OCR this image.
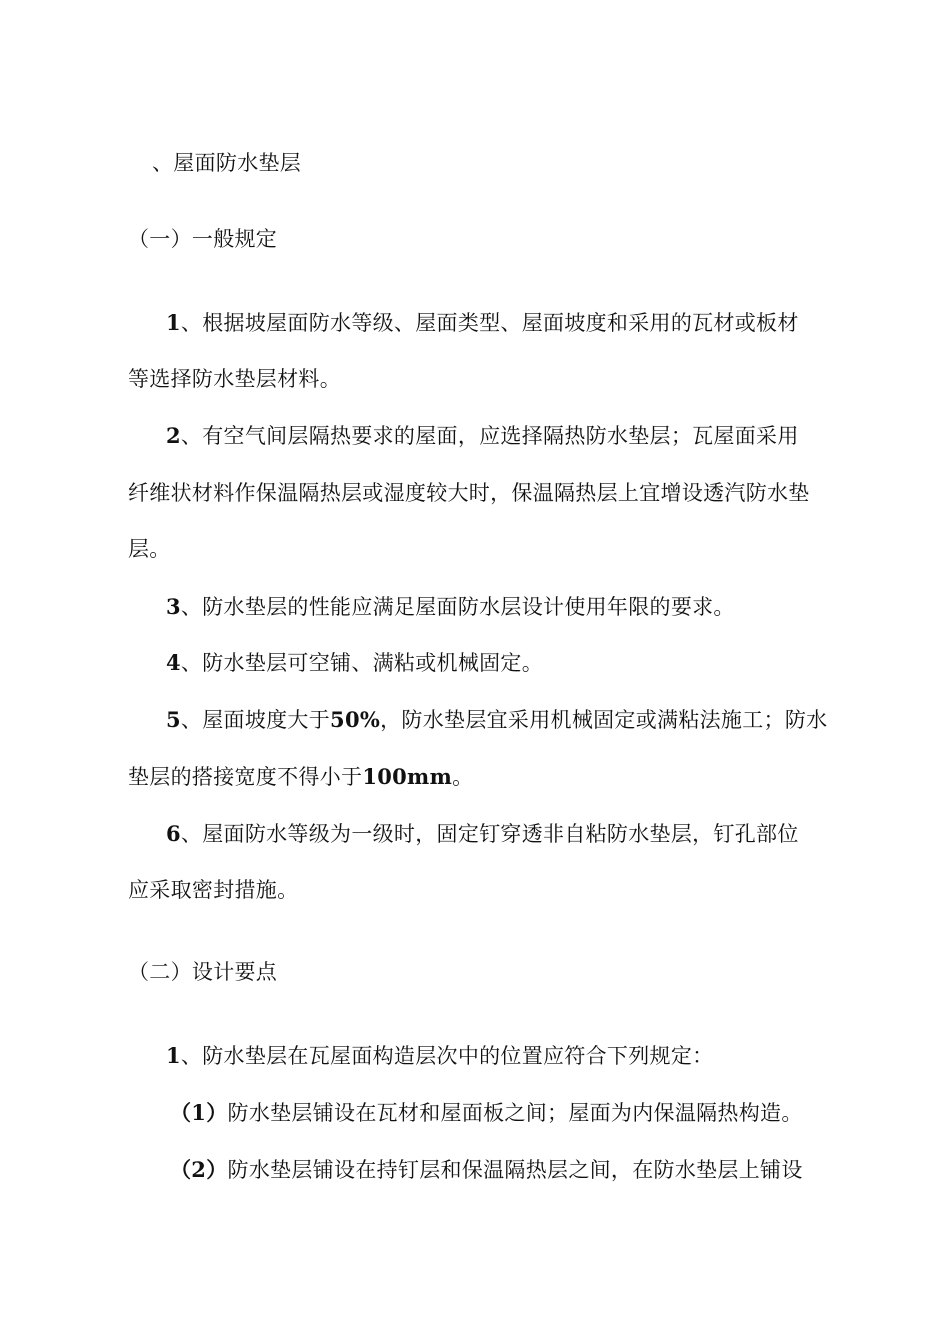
、屋面防水垫层
（一）一般规定
1、根据坡屋面防水等级、屋面类型、屋面坡度和采用的瓦材或板材
等选择防水垫层材料。
2、有空气间层隔热要求的屋面，应选择隔热防水垫层；瓦屋面采用
纤维状材料作保温隔热层或湿度较大时，保温隔热层上宜增设透汽防水垫
层。
3、防水垫层的性能应满足屋面防水层设计使用年限的要求。
4、防水垫层可空铺、满粘或机械固定。
5、屋面坡度大于50%，防水垫层宜采用机械固定或满粘法施工；防水
垫层的搭接宽度不得小于100mm。
6、屋面防水等级为一级时，固定钉穿透非自粘防水垫层，钉孔部位
应采取密封措施。
（二）设计要点
1、防水垫层在瓦屋面构造层次中的位置应符合下列规定：
（1）防水垫层铺设在瓦材和屋面板之间；屋面为内保温隔热构造。
（2）防水垫层铺设在持钉层和保温隔热层之间，在防水垫层上铺设
